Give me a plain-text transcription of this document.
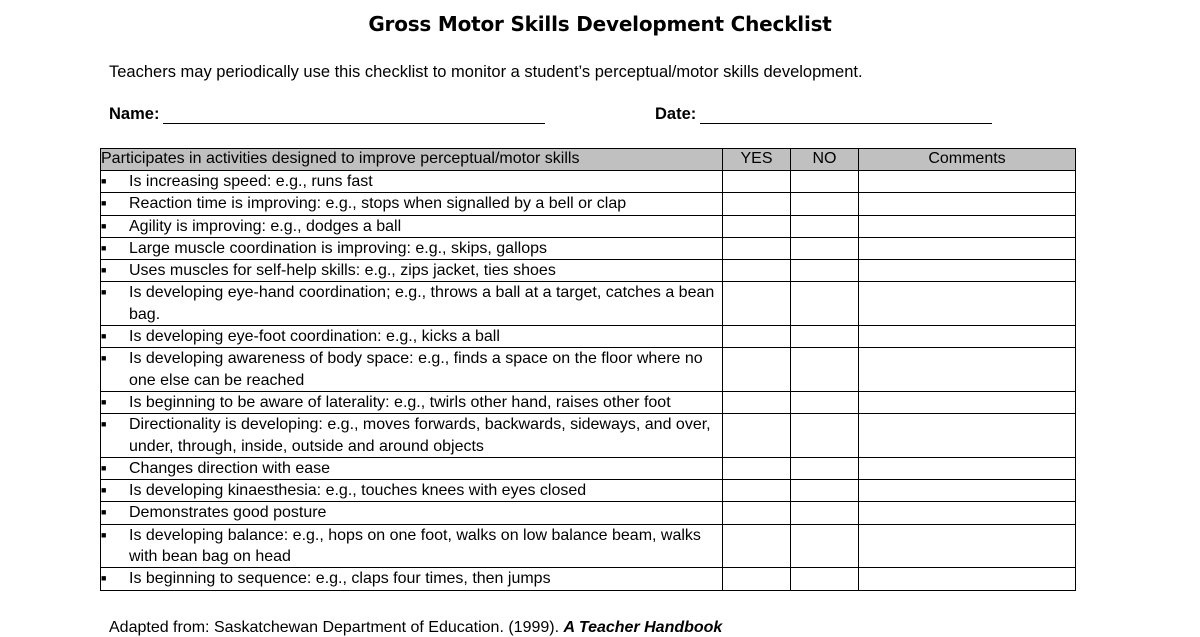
Gross Motor Skills Development Checklist
Teachers may periodically use this checklist to monitor a student’s perceptual/motor skills development.
Name:	Date:
Participates in activities designed to improve perceptual/motor skills	YES	NO	Comments

■ Is increasing speed: e.g., runs fast			

■ Reaction time is improving: e.g., stops when signalled by a bell or clap			

■ Agility is improving: e.g., dodges a ball			

■ Large muscle coordination is improving: e.g., skips, gallops			

■ Uses muscles for self-help skills: e.g., zips jacket, ties shoes			

■ Is developing eye-hand coordination; e.g., throws a ball at a target, catches a bean bag.			

■ Is developing eye-foot coordination: e.g., kicks a ball			

■ Is developing awareness of body space: e.g., finds a space on the floor where no one else can be reached			

■ Is beginning to be aware of laterality: e.g., twirls other hand, raises other foot			

■ Directionality is developing: e.g., moves forwards, backwards, sideways, and over, under, through, inside, outside and around objects			

■ Changes direction with ease			

■ Is developing kinaesthesia: e.g., touches knees with eyes closed			

■ Demonstrates good posture			

■ Is developing balance: e.g., hops on one foot, walks on low balance beam, walks with bean bag on head			

■ Is beginning to sequence: e.g., claps four times, then jumps			

Adapted from: Saskatchewan Department of Education. (1999). A Teacher Handbook
